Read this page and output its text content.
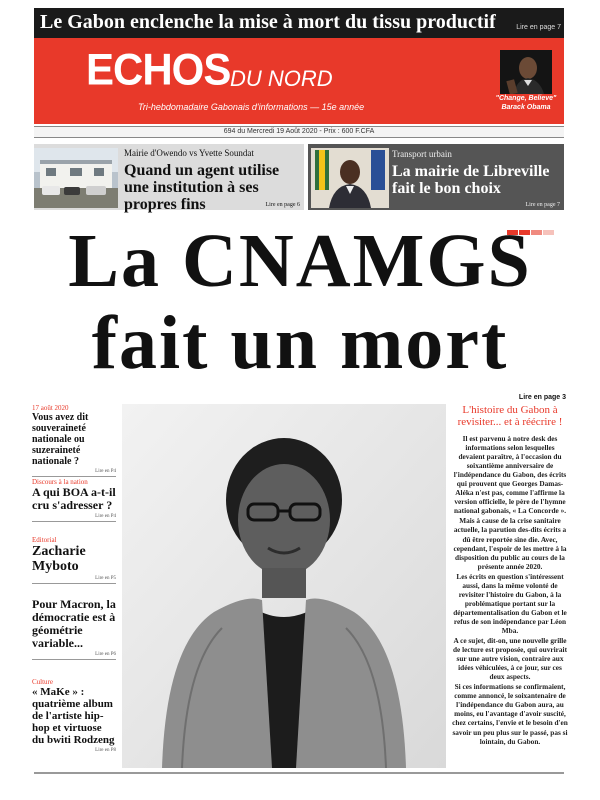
Le Gabon enclenche la mise à mort du tissu productif	Lire en page 7
ECHOS DU NORD
Tri-hebdomadaire Gabonais d'informations — 15e année
"Change, Believe"
Barack Obama
694 du Mercredi 19 Août 2020 - Prix : 600 F.CFA
Mairie d'Owendo vs Yvette Soundat
Quand un agent utilise une institution à ses propres fins	Lire en page 6
Transport urbain
La mairie de Libreville fait le bon choix
Lire en page 7
La CNAMGS
fait un mort
17 août 2020
Vous avez dit souveraineté nationale ou suzeraineté nationale ?
Lire en P4
Discours à la nation
A qui BOA a-t-il cru s'adresser ?
Lire en P4
Editorial
Zacharie Myboto
Lire en P5
Pour Macron, la démocratie est à géométrie variable...
Lire en P6
Culture
« MaKe » : quatrième album de l'artiste hip-hop et virtuose du bwiti Rodzeng
Lire en P8
Lire en page 3
L'histoire du Gabon à revisiter... et à réécrire !

Il est parvenu à notre desk des informations selon lesquelles devaient paraître, à l'occasion du soixantième anniversaire de l'indépendance du Gabon, des écrits qui prouvent que Georges Damas-Aléka n'est pas, comme l'affirme la version officielle, le père de l'hymne national gabonais, « La Concorde ».

Mais à cause de la crise sanitaire actuelle, la parution des-dits écrits a dû être reportée sine die. Avec, cependant, l'espoir de les mettre à la disposition du public au cours de la présente année 2020.

Les écrits en question s'intéressent aussi, dans la même volonté de revisiter l'histoire du Gabon, à la problématique portant sur la départementalisation du Gabon et le refus de son indépendance par Léon Mba.

A ce sujet, dit-on, une nouvelle grille de lecture est proposée, qui ouvrirait sur une autre vision, contraire aux idées véhiculées, à ce jour, sur ces deux aspects.

Si ces informations se confirmaient, comme annoncé, le soixantenaire de l'indépendance du Gabon aura, au moins, eu l'avantage d'avoir suscité, chez certains, l'envie et le besoin d'en savoir un peu plus sur le passé, pas si lointain, du Gabon.
